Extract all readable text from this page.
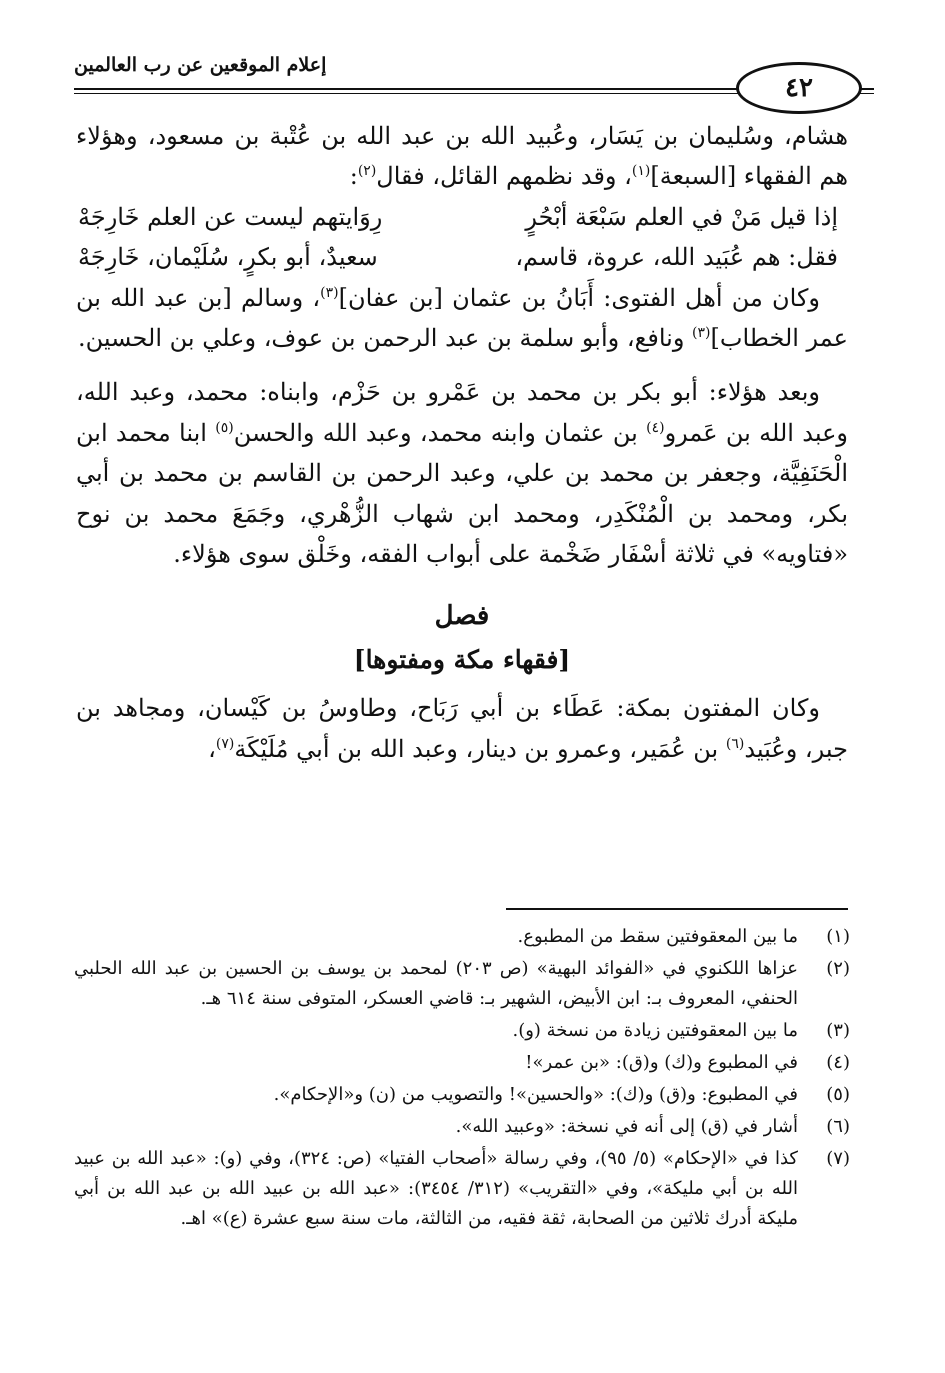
إعلام الموقعين عن رب العالمين
٤٢

هشام، وسُليمان بن يَسَار، وعُبيد الله بن عبد الله بن عُتْبة بن مسعود، وهؤلاء هم الفقهاء [السبعة]$^{(١)}$، وقد نظمهم القائل، فقال$^{(٢)}$:

إذا قيل مَنْ في العلم سَبْعَة أبْحُرٍ
رِوَايتهم ليست عن العلم خَارِجَهْ
فقل: هم عُبَيد الله، عروة، قاسم،
سعيدٌ، أبو بكرٍ، سُلَيْمان، خَارِجَهْ

وكان من أهل الفتوى: أَبَانُ بن عثمان [بن عفان]$^{(٣)}$، وسالم [بن عبد الله بن عمر الخطاب]$^{(٣)}$ ونافع، وأبو سلمة بن عبد الرحمن بن عوف، وعلي بن الحسين.

وبعد هؤلاء: أبو بكر بن محمد بن عَمْرو بن حَزْم، وابناه: محمد، وعبد الله، وعبد الله بن عَمرو$^{(٤)}$ بن عثمان وابنه محمد، وعبد الله والحسن$^{(٥)}$ ابنا محمد ابن الْحَنَفِيَّة، وجعفر بن محمد بن علي، وعبد الرحمن بن القاسم بن محمد بن أبي بكر، ومحمد بن الْمُنْكَدِر، ومحمد ابن شهاب الزُّهْري، وجَمَعَ محمد بن نوح «فتاويه» في ثلاثة أسْفَار ضَخْمة على أبواب الفقه، وخَلْق سوى هؤلاء.

فصل
[فقهاء مكة ومفتوها]

وكان المفتون بمكة: عَطَاء بن أبي رَبَاح، وطاوسُ بن كَيْسان، ومجاهد بن جبر، وعُبَيد$^{(٦)}$ بن عُمَير، وعمرو بن دينار، وعبد الله بن أبي مُلَيْكَة$^{(٧)}$،

(١)
ما بين المعقوفتين سقط من المطبوع.
(٢)
عزاها اللكنوي في «الفوائد البهية» (ص ٢٠٣) لمحمد بن يوسف بن الحسين بن عبد الله الحلبي الحنفي، المعروف بـ: ابن الأبيض، الشهير بـ: قاضي العسكر، المتوفى سنة ٦١٤ هـ.
(٣)
ما بين المعقوفتين زيادة من نسخة (و).
(٤)
في المطبوع و(ك) و(ق): «بن عمر»!
(٥)
في المطبوع: و(ق) و(ك): «والحسين»! والتصويب من (ن) و«الإحكام».
(٦)
أشار في (ق) إلى أنه في نسخة: «وعبيد الله».
(٧)
كذا في «الإحكام» (٥/ ٩٥)، وفي رسالة «أصحاب الفتيا» (ص: ٣٢٤)، وفي (و): «عبد الله بن عبيد الله بن أبي مليكة»، وفي «التقريب» (٣١٢/ ٣٤٥٤): «عبد الله بن عبيد الله بن عبد الله بن أبي مليكة أدرك ثلاثين من الصحابة، ثقة فقيه، من الثالثة، مات سنة سبع عشرة (ع)» اهـ.
